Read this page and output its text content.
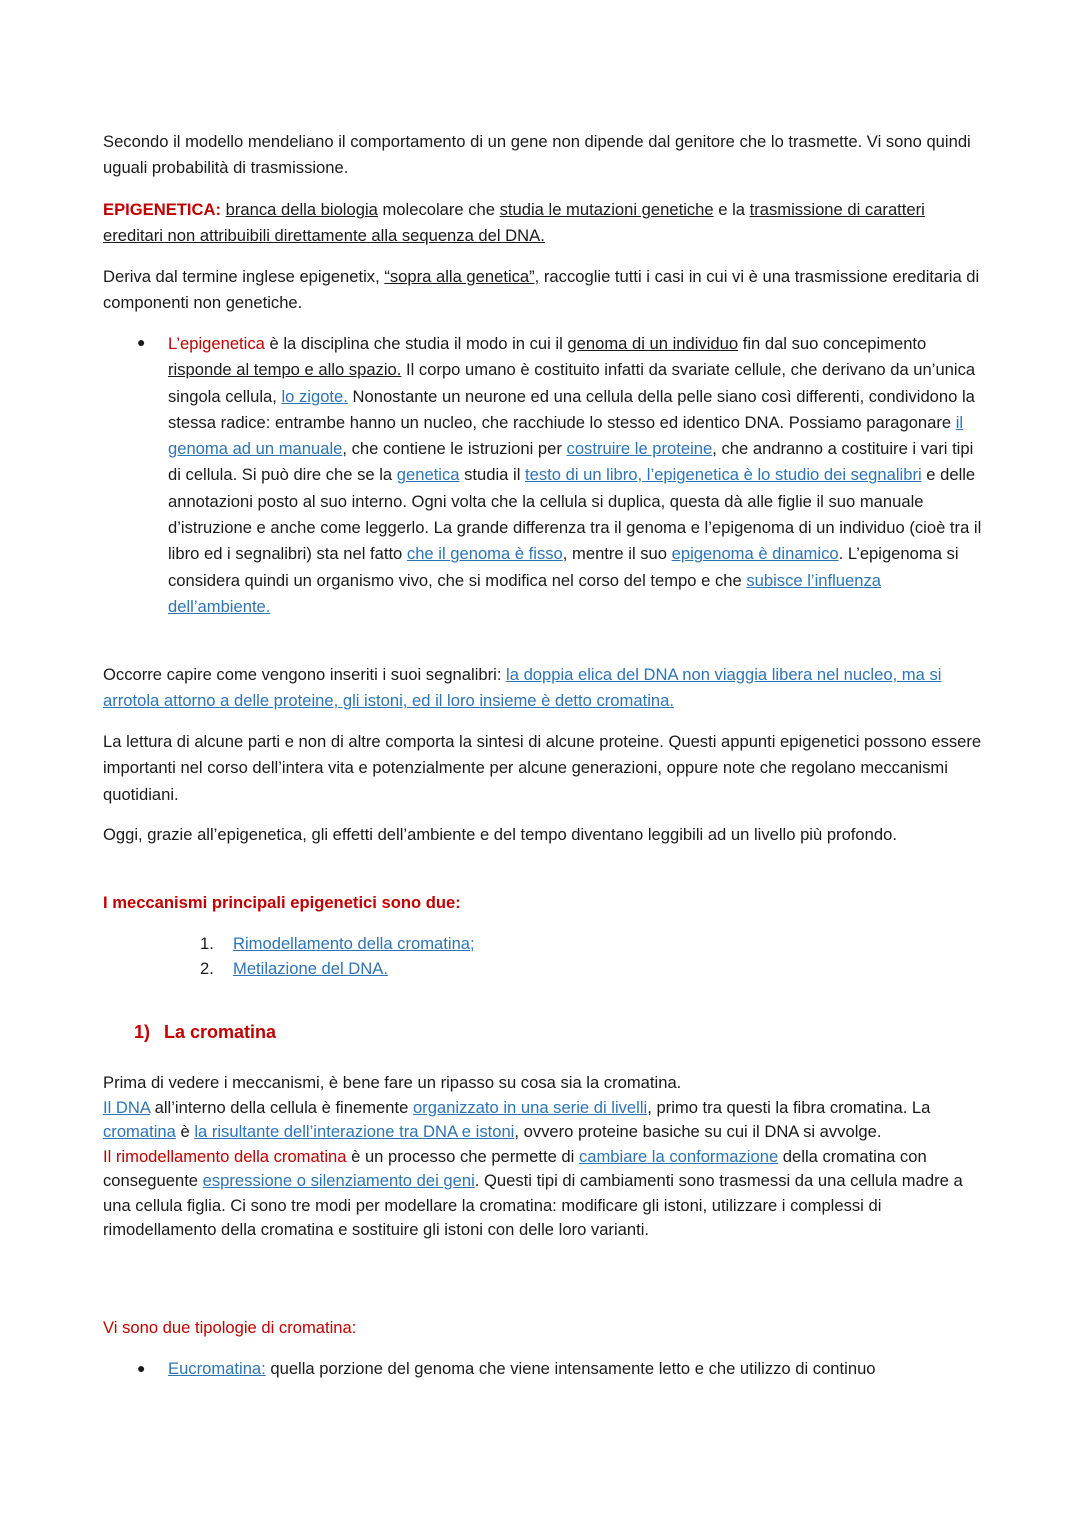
Secondo il modello mendeliano il comportamento di un gene non dipende dal genitore che lo trasmette. Vi sono quindi uguali probabilità di trasmissione.

EPIGENETICA: branca della biologia molecolare che studia le mutazioni genetiche e la trasmissione di caratteri ereditari non attribuibili direttamente alla sequenza del DNA.

Deriva dal termine inglese epigenetix, “sopra alla genetica”, raccoglie tutti i casi in cui vi è una trasmissione ereditaria di componenti non genetiche.

● L’epigenetica è la disciplina che studia il modo in cui il genoma di un individuo fin dal suo concepimento risponde al tempo e allo spazio. Il corpo umano è costituito infatti da svariate cellule, che derivano da un’unica singola cellula, lo zigote. Nonostante un neurone ed una cellula della pelle siano così differenti, condividono la stessa radice: entrambe hanno un nucleo, che racchiude lo stesso ed identico DNA. Possiamo paragonare il genoma ad un manuale, che contiene le istruzioni per costruire le proteine, che andranno a costituire i vari tipi di cellula. Si può dire che se la genetica studia il testo di un libro, l’epigenetica è lo studio dei segnalibri e delle annotazioni posto al suo interno. Ogni volta che la cellula si duplica, questa dà alle figlie il suo manuale d’istruzione e anche come leggerlo. La grande differenza tra il genoma e l’epigenoma di un individuo (cioè tra il libro ed i segnalibri) sta nel fatto che il genoma è fisso, mentre il suo epigenoma è dinamico. L’epigenoma si considera quindi un organismo vivo, che si modifica nel corso del tempo e che subisce l’influenza dell’ambiente.

Occorre capire come vengono inseriti i suoi segnalibri: la doppia elica del DNA non viaggia libera nel nucleo, ma si arrotola attorno a delle proteine, gli istoni, ed il loro insieme è detto cromatina.

La lettura di alcune parti e non di altre comporta la sintesi di alcune proteine. Questi appunti epigenetici possono essere importanti nel corso dell’intera vita e potenzialmente per alcune generazioni, oppure note che regolano meccanismi quotidiani.

Oggi, grazie all’epigenetica, gli effetti dell’ambiente e del tempo diventano leggibili ad un livello più profondo.

I meccanismi principali epigenetici sono due:

1. Rimodellamento della cromatina;
2. Metilazione del DNA.
1) La cromatina

Prima di vedere i meccanismi, è bene fare un ripasso su cosa sia la cromatina.
Il DNA all’interno della cellula è finemente organizzato in una serie di livelli, primo tra questi la fibra cromatina. La cromatina è la risultante dell’interazione tra DNA e istoni, ovvero proteine basiche su cui il DNA si avvolge.
Il rimodellamento della cromatina è un processo che permette di cambiare la conformazione della cromatina con conseguente espressione o silenziamento dei geni. Questi tipi di cambiamenti sono trasmessi da una cellula madre a una cellula figlia. Ci sono tre modi per modellare la cromatina: modificare gli istoni, utilizzare i complessi di rimodellamento della cromatina e sostituire gli istoni con delle loro varianti.

Vi sono due tipologie di cromatina:

● Eucromatina: quella porzione del genoma che viene intensamente letto e che utilizzo di continuo
